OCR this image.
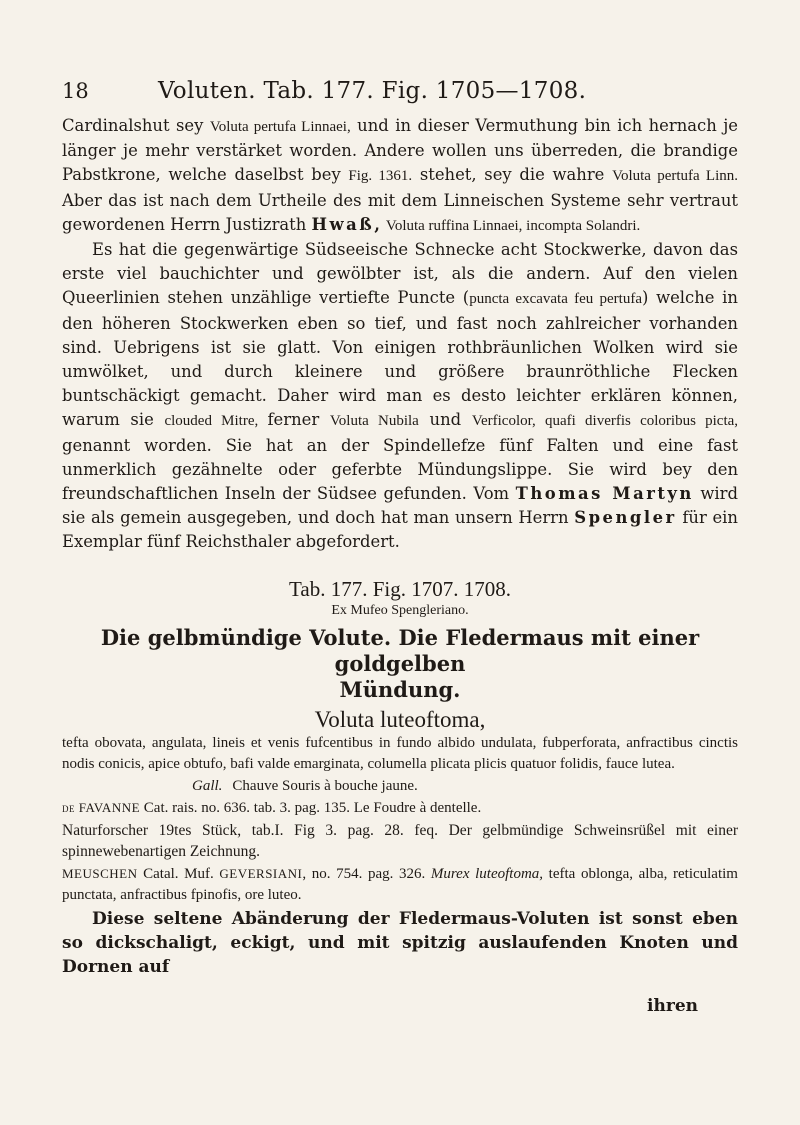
18	Voluten. Tab. 177. Fig. 1705—1708.

Cardinalshut sey Voluta pertufa Linnaei, und in dieser Vermuthung bin ich hernach je länger je mehr verstärket worden. Andere wollen uns überreden, die brandige Pabstkrone, welche daselbst bey Fig. 1361. stehet, sey die wahre Voluta pertufa Linn. Aber das ist nach dem Urtheile des mit dem Linneischen Systeme sehr vertraut gewordenen Herrn Justizrath Hwaß, Voluta ruffina Linnaei, incompta Solandri.

Es hat die gegenwärtige Südseeische Schnecke acht Stockwerke, davon das erste viel bauchichter und gewölbter ist, als die andern. Auf den vielen Queerlinien stehen unzählige vertiefte Puncte (puncta excavata feu pertufa) welche in den höheren Stockwerken eben so tief, und fast noch zahlreicher vorhanden sind. Uebrigens ist sie glatt. Von einigen rothbräunlichen Wolken wird sie umwölket, und durch kleinere und größere braunröthliche Flecken buntschäckigt gemacht. Daher wird man es desto leichter erklären können, warum sie clouded Mitre, ferner Voluta Nubila und Verficolor, quafi diverfis coloribus picta, genannt worden. Sie hat an der Spindellefze fünf Falten und eine fast unmerklich gezähnelte oder geferbte Mündungslippe. Sie wird bey den freundschaftlichen Inseln der Südsee gefunden. Vom Thomas Martyn wird sie als gemein ausgegeben, und doch hat man unsern Herrn Spengler für ein Exemplar fünf Reichsthaler abgefordert.

Tab. 177. Fig. 1707. 1708.
Ex Mufeo Spengleriano.
Die gelbmündige Volute. Die Fledermaus mit einer goldgelben
Mündung.
Voluta luteoftoma,
tefta obovata, angulata, lineis et venis fufcentibus in fundo albido undulata, fubperforata, anfractibus cinctis nodis conicis, apice obtufo, bafi valde emarginata, columella plicata plicis quatuor folidis, fauce lutea.
Gall. Chauve Souris à bouche jaune.
de FAVANNE Cat. rais. no. 636. tab. 3. pag. 135. Le Foudre à dentelle.
Naturforscher 19tes Stück, tab.I. Fig 3. pag. 28. feq. Der gelbmündige Schweinsrüßel mit einer spinnewebenartigen Zeichnung.
MEUSCHEN Catal. Muf. GEVERSIANI, no. 754. pag. 326. Murex luteoftoma, tefta oblonga, alba, reticulatim punctata, anfractibus fpinofis, ore luteo.

Diese seltene Abänderung der Fledermaus-Voluten ist sonst eben so dickschaligt, eckigt, und mit spitzig auslaufenden Knoten und Dornen auf

ihren
